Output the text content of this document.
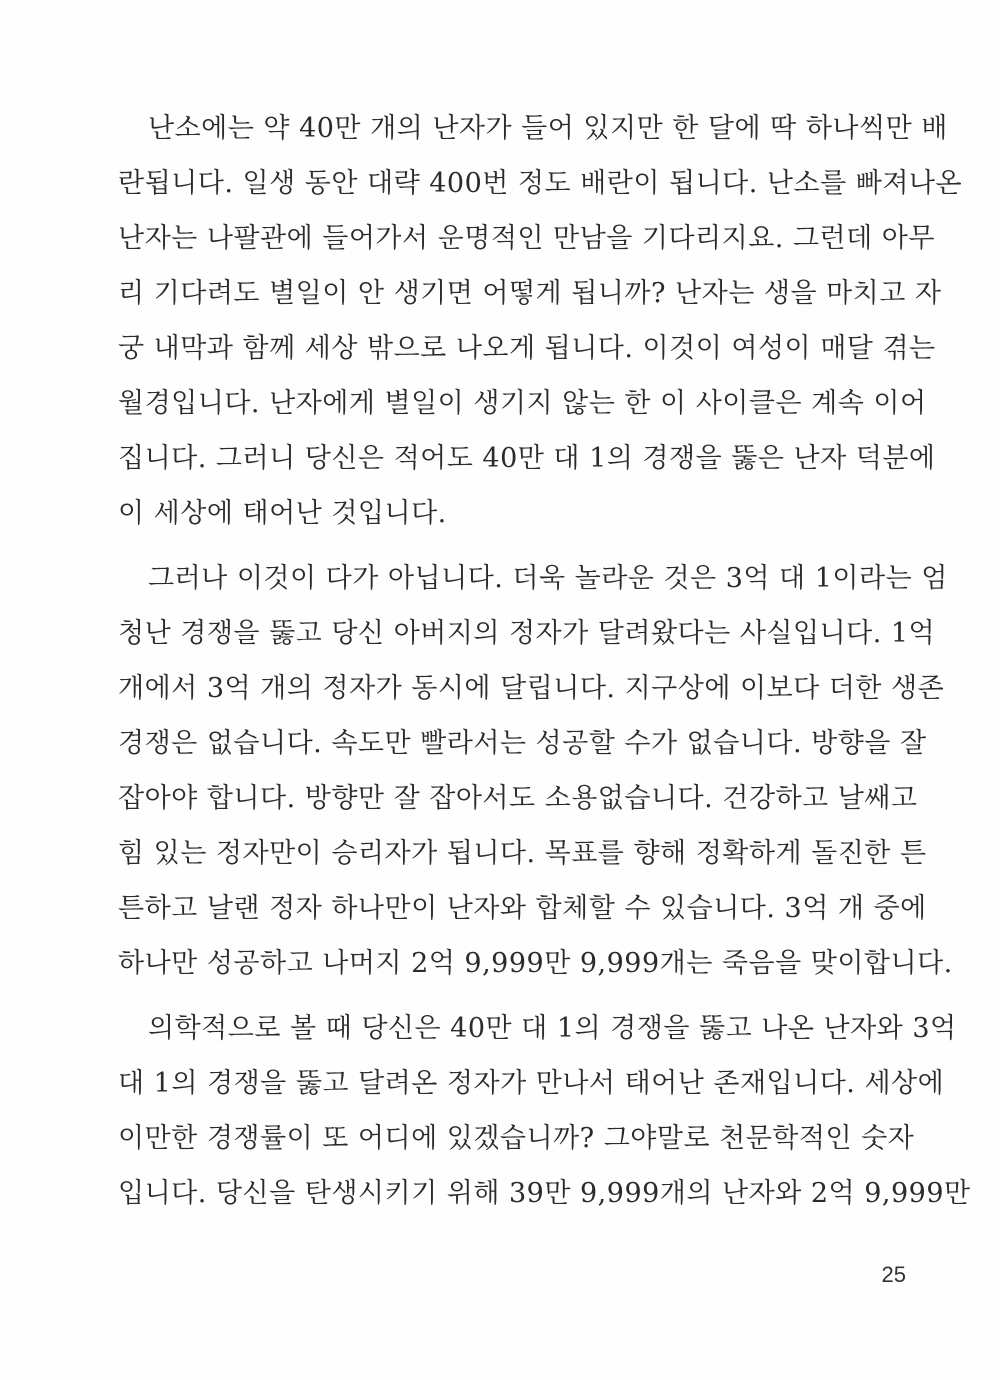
난소에는 약 40만 개의 난자가 들어 있지만 한 달에 딱 하나씩만 배
란됩니다. 일생 동안 대략 400번 정도 배란이 됩니다. 난소를 빠져나온
난자는 나팔관에 들어가서 운명적인 만남을 기다리지요. 그런데 아무
리 기다려도 별일이 안 생기면 어떻게 됩니까? 난자는 생을 마치고 자
궁 내막과 함께 세상 밖으로 나오게 됩니다. 이것이 여성이 매달 겪는
월경입니다. 난자에게 별일이 생기지 않는 한 이 사이클은 계속 이어
집니다. 그러니 당신은 적어도 40만 대 1의 경쟁을 뚫은 난자 덕분에
이 세상에 태어난 것입니다.
그러나 이것이 다가 아닙니다. 더욱 놀라운 것은 3억 대 1이라는 엄
청난 경쟁을 뚫고 당신 아버지의 정자가 달려왔다는 사실입니다. 1억
개에서 3억 개의 정자가 동시에 달립니다. 지구상에 이보다 더한 생존
경쟁은 없습니다. 속도만 빨라서는 성공할 수가 없습니다. 방향을 잘
잡아야 합니다. 방향만 잘 잡아서도 소용없습니다. 건강하고 날쌔고
힘 있는 정자만이 승리자가 됩니다. 목표를 향해 정확하게 돌진한 튼
튼하고 날랜 정자 하나만이 난자와 합체할 수 있습니다. 3억 개 중에
하나만 성공하고 나머지 2억 9,999만 9,999개는 죽음을 맞이합니다.
의학적으로 볼 때 당신은 40만 대 1의 경쟁을 뚫고 나온 난자와 3억
대 1의 경쟁을 뚫고 달려온 정자가 만나서 태어난 존재입니다. 세상에
이만한 경쟁률이 또 어디에 있겠습니까? 그야말로 천문학적인 숫자
입니다. 당신을 탄생시키기 위해 39만 9,999개의 난자와 2억 9,999만
25
